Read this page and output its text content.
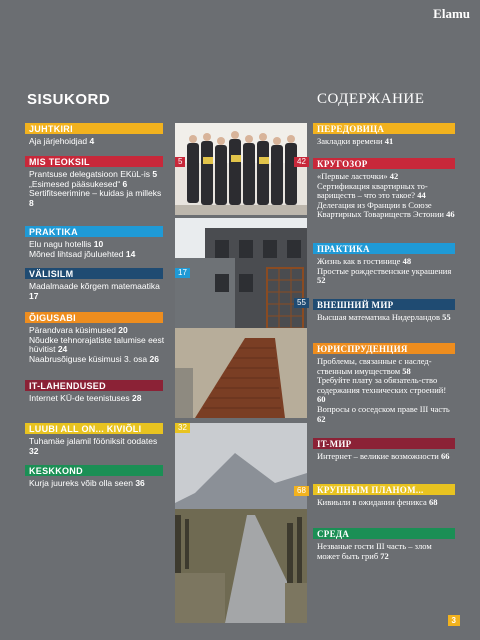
Elamu
SISUKORD	СОДЕРЖАНИЕ
JUHTKIRI
Aja järjehoidjad 4
MIS TEOKSIL
Prantsuse delegatsioon EKüL-is 5
„Esimesed pääsukesed“ 6
Sertifitseerimine – kuidas ja milleks 8
PRAKTIKA
Elu nagu hotellis 10
Mõned lihtsad jõuluehted 14
VÄLISILM
Madalmaade kõrgem matemaatika 17
ÕIGUSABI
Pärandvara küsimused 20
Nõudke tehnorajatiste talumise eest hüvitist 24
Naabrusõiguse küsimusi 3. osa 26
IT-LAHENDUSED
Internet KÜ-de teenistuses 28
LUUBI ALL ON... KIVIÕLI
Tuhamäe jalamil fööniksit oodates 32
KESKKOND
Kurja juureks võib olla seen 36
ПЕРЕДОВИЦА
Закладки времени 41
КРУГОЗОР
«Первые ласточки» 42
Сертификация квартирных то-вариществ – что это такое? 44
Делегация из Франции в Союзе Квартирных Товариществ Эстонии 46
ПРАКТИКА
Жизнь как в гостинице 48
Простые рождественские украшения 52
ВНЕШНИЙ МИР
Высшая математика Нидерландов 55
ЮРИСПРУДЕНЦИЯ
Проблемы, связанные с наслед-ственным имуществом 58
Требуйте плату за обязатель-ство содержания технических строений! 60
Вопросы о соседском праве III часть 62
IT-МИР
Интернет – великие возможности 66
КРУПНЫМ ПЛАНОМ...
Кивиыли в ожидании феникса 68
СРЕДА
Незваные гости III часть – злом может быть гриб 72
5	42
17
55
32
68
3
